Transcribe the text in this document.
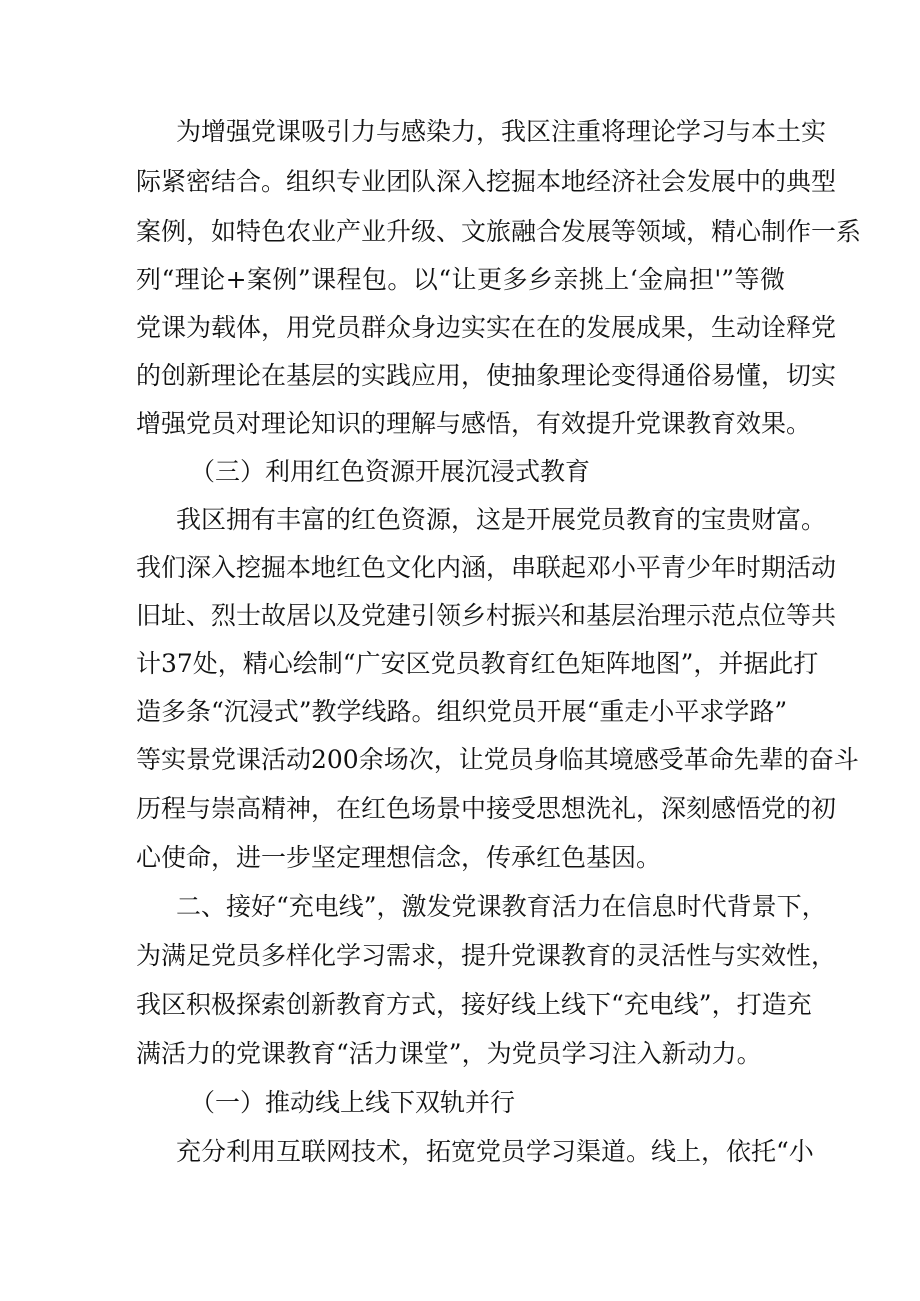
为增强党课吸引力与感染力，我区注重将理论学习与本土实
际紧密结合。组织专业团队深入挖掘本地经济社会发展中的典型
案例，如特色农业产业升级、文旅融合发展等领域，精心制作一系
列“理论+案例”课程包。以“让更多乡亲挑上‘金扁担'”等微
党课为载体，用党员群众身边实实在在的发展成果，生动诠释党
的创新理论在基层的实践应用，使抽象理论变得通俗易懂，切实
增强党员对理论知识的理解与感悟，有效提升党课教育效果。
（三）利用红色资源开展沉浸式教育
我区拥有丰富的红色资源，这是开展党员教育的宝贵财富。
我们深入挖掘本地红色文化内涵，串联起邓小平青少年时期活动
旧址、烈士故居以及党建引领乡村振兴和基层治理示范点位等共
计37处，精心绘制“广安区党员教育红色矩阵地图”，并据此打
造多条“沉浸式”教学线路。组织党员开展“重走小平求学路”
等实景党课活动200余场次，让党员身临其境感受革命先辈的奋斗
历程与崇高精神，在红色场景中接受思想洗礼，深刻感悟党的初
心使命，进一步坚定理想信念，传承红色基因。
二、接好“充电线”，激发党课教育活力在信息时代背景下，
为满足党员多样化学习需求，提升党课教育的灵活性与实效性，
我区积极探索创新教育方式，接好线上线下“充电线”，打造充
满活力的党课教育“活力课堂”，为党员学习注入新动力。
（一）推动线上线下双轨并行
充分利用互联网技术，拓宽党员学习渠道。线上，依托“小
